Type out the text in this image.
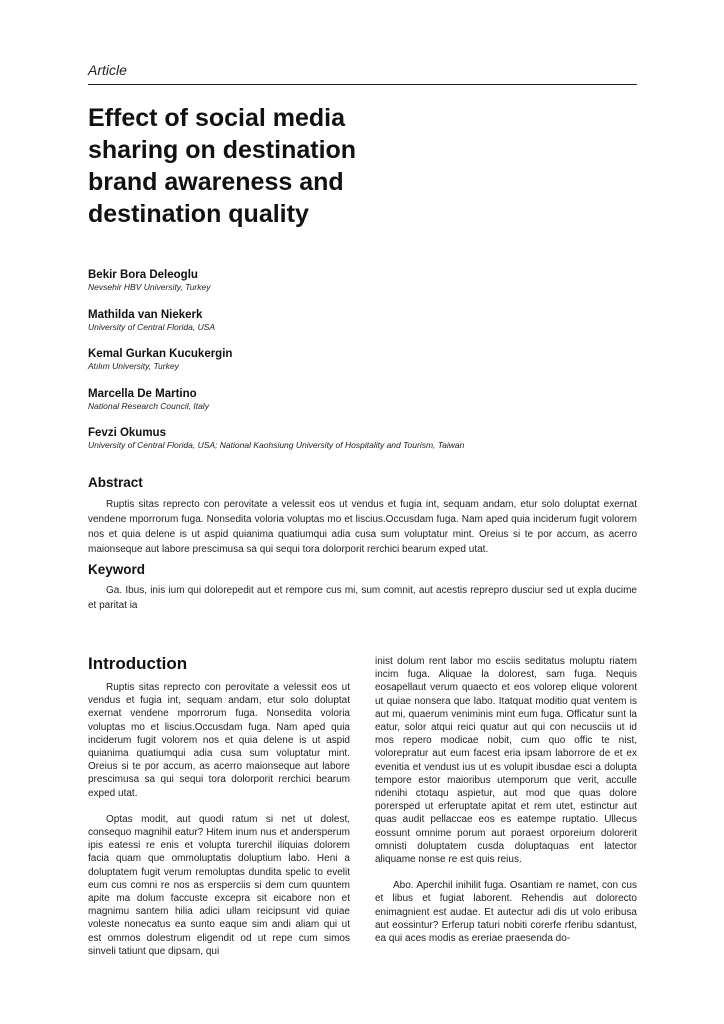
Article
Effect of social media sharing on destination brand awareness and destination quality
Bekir Bora Deleoglu
Nevsehir HBV University, Turkey
Mathilda van Niekerk
University of Central Florida, USA
Kemal Gurkan Kucukergin
Atılım University, Turkey
Marcella De Martino
National Research Council, Italy
Fevzi Okumus
University of Central Florida, USA; National Kaohsiung University of Hospitality and Tourism, Taiwan
Abstract

Ruptis sitas reprecto con perovitate a velessit eos ut vendus et fugia int, sequam andam, etur solo doluptat exernat vendene mporrorum fuga. Nonsedita voloria voluptas mo et liscius.Occusdam fuga. Nam aped quia inciderum fugit volorem nos et quia delene is ut aspid quianima quatiumqui adia cusa sum voluptatur mint. Oreius si te por accum, as acerro maionseque aut labore prescimusa sa qui sequi tora dolorporit rerchici bearum exped utat.

Keyword

Ga. Ibus, inis ium qui dolorepedit aut et rempore cus mi, sum comnit, aut acestis reprepro dusciur sed ut expla ducime et paritat ia

Introduction

Ruptis sitas reprecto con perovitate a velessit eos ut vendus et fugia int, sequam andam, etur solo doluptat exernat vendene mporrorum fuga. Nonsedita voloria voluptas mo et liscius.Occusdam fuga. Nam aped quia inciderum fugit volorem nos et quia delene is ut aspid quianima quatiumqui adia cusa sum voluptatur mint. Oreius si te por accum, as acerro maionseque aut labore prescimusa sa qui sequi tora dolorporit rerchici bearum exped utat.

Optas modit, aut quodi ratum si net ut dolest, consequo magnihil eatur? Hitem inum nus et andersperum ipis eatessi re enis et volupta turerchil iliquias dolorem facia quam que ommoluptatis doluptium labo. Heni a doluptatem fugit verum remoluptas dundita spelic to evelit eum cus comni re nos as ersperciis si dem cum quuntem apite ma dolum faccuste excepra sit eicabore non et magnimu santem hilia adici ullam reicipsunt vid quiae voleste nonecatus ea sunto eaque sim andi aliam qui ut est ommos dolestrum eligendit od ut repe cum simos sinveli tatiunt que dipsam, qui

inist dolum rent labor mo esciis seditatus moluptu riatem incim fuga. Aliquae la dolorest, sam fuga. Nequis eosapellaut verum quaecto et eos volorep elique volorent ut quiae nonsera que labo. Itatquat moditio quat ventem is aut mi, quaerum veniminis mint eum fuga. Officatur sunt la eatur, solor atqui reici quatur aut qui con necusciis ut id mos repero modicae nobit, cum quo offic te nist, volorepratur aut eum facest eria ipsam laborrore de et ex evenitia et vendust ius ut es volupit ibusdae esci a dolupta tempore estor maioribus utemporum que verit, acculle ndenihi ctotaqu aspietur, aut mod que quas dolore porersped ut erferuptate apitat et rem utet, estinctur aut quas audit pellaccae eos es eatempe ruptatio. Ullecus eossunt omnime porum aut poraest orporeium dolorerit omnisti doluptatem cusda doluptaquas ent latector aliquame nonse re est quis reius.

Abo. Aperchil inihilit fuga. Osantiam re namet, con cus et libus et fugiat laborent. Rehendis aut dolorecto enimagnient est audae. Et autectur adi dis ut volo eribusa aut eossintur? Erferup taturi nobiti corerfe rferibu sdantust, ea qui aces modis as ereriae praesenda do-
